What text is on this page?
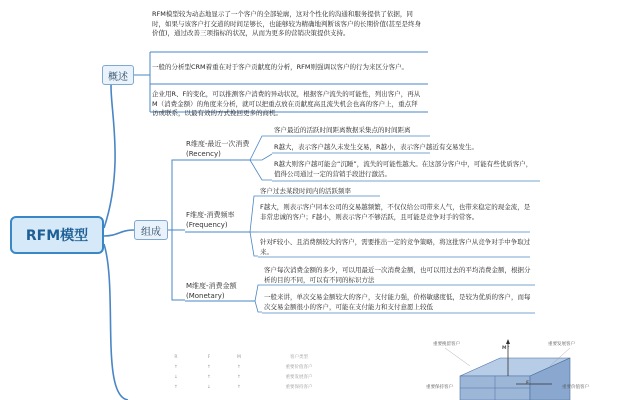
RFM模型
概述
组成

RFM模型较为动态地显示了一个客户的全部轮廓，这对个性化的沟通和服务提供了依据，同时，如果与该客户打交道的时间足够长，也能够较为精确地判断该客户的长期价值(甚至是终身价值)，通过改善三项指标的状况，从而为更多的营销决策提供支持。

一般的分析型CRM着重在对于客户贡献度的分析，RFM则强调以客户的行为来区分客户。

企业用R、F的变化，可以推测客户消费的异动状况，根据客户流失的可能性，列出客户，再从M（消费金额）的角度来分析，就可以把重点放在贡献度高且流失机会也高的客户上，重点拜访或联系，以最有效的方式挽回更多的商机。

R维度-最近一次消费
(Recency)

客户最近的活跃时间距离数据采集点的时间距离

R越大，表示客户越久未发生交易，R越小，表示客户越近有交易发生。

R越大则客户越可能会“沉睡”，流失的可能性越大。在这部分客户中，可能有些优质客户，值得公司通过一定的营销手段进行激活。

F维度-消费频率
(Frequency)

客户过去某段时间内的活跃频率

F越大，则表示客户同本公司的交易越频繁，不仅仅给公司带来人气，也带来稳定的现金流，是非常忠诚的客户；F越小，则表示客户不够活跃，且可能是竞争对手的常客。

针对F较小、且消费额较大的客户，需要推出一定的竞争策略，将这批客户从竞争对手中争取过来。

M维度-消费金额
(Monetary)

客户每次消费金额的多少，可以用最近一次消费金额，也可以用过去的平均消费金额，根据分析的目的不同，可以有不同的标识方法

一般来讲，单次交易金额较大的客户，支付能力强，价格敏感度低，是较为优质的客户，而每次交易金额很小的客户，可能在支付能力和支付意愿上较低

R	F	M	客户类型
↑	↑	↑	重要价值客户
↓	↑	↑	重要发展客户
↑	↓	↑	重要保持客户
重要挽留客户	重要发展客户
重要保持客户	重要价值客户
M↑
F
